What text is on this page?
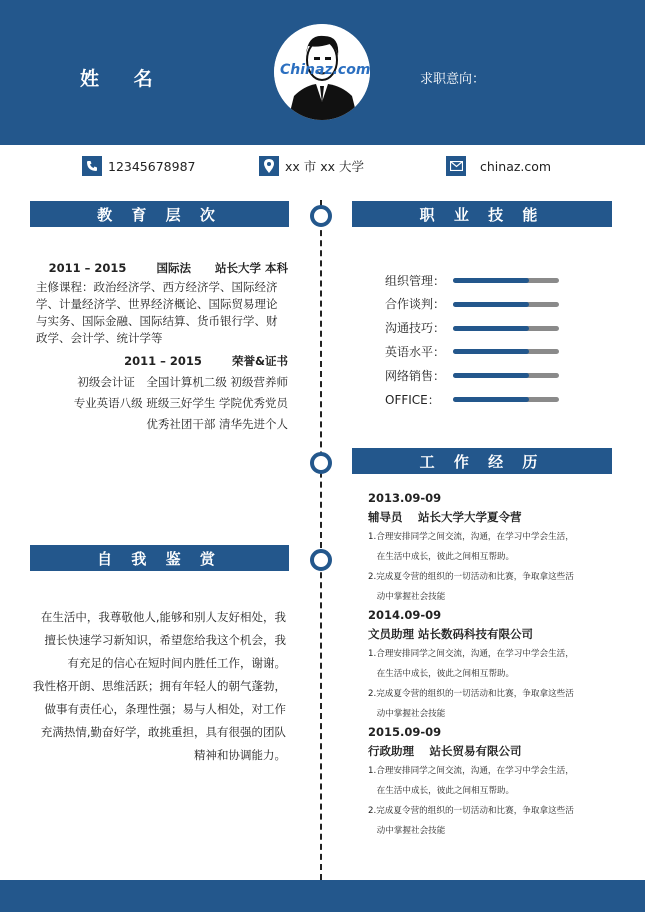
姓 名	求职意向：
Chinaz.com
12345678987	xx 市 xx 大学	chinaz.com
教 育 层 次	职 业 技 能
工 作 经 历
自 我 鉴 赏
2011 – 2015	国际法 站长大学 本科
主修课程：政治经济学、西方经济学、国际经济
学、计量经济学、世界经济概论、国际贸易理论
与实务、国际金融、国际结算、货币银行学、财
政学、会计学、统计学等
2011 – 2015	荣誉&证书
初级会计证　全国计算机二级 初级营养师
专业英语八级 班级三好学生 学院优秀党员
优秀社团干部 清华先进个人
组织管理：
合作谈判：
沟通技巧：
英语水平：
网络销售：
OFFICE：
在生活中，我尊敬他人,能够和别人友好相处，我
擅长快速学习新知识，希望您给我这个机会，我
有充足的信心在短时间内胜任工作，谢谢。
我性格开朗、思维活跃；拥有年轻人的朝气蓬勃，
做事有责任心，条理性强；易与人相处，对工作
充满热情,勤奋好学，敢挑重担，具有很强的团队
精神和协调能力。
2013.09-09
辅导员　 站长大学大学夏令营
1.合理安排同学之间交流，沟通，在学习中学会生活，
　在生活中成长，彼此之间相互帮助。
2.完成夏令营的组织的一切活动和比赛，争取拿这些活
　动中掌握社会技能
2014.09-09
文员助理 站长数码科技有限公司
1.合理安排同学之间交流，沟通，在学习中学会生活，
　在生活中成长，彼此之间相互帮助。
2.完成夏令营的组织的一切活动和比赛，争取拿这些活
　动中掌握社会技能
2015.09-09
行政助理　 站长贸易有限公司
1.合理安排同学之间交流，沟通，在学习中学会生活，
　在生活中成长，彼此之间相互帮助。
2.完成夏令营的组织的一切活动和比赛，争取拿这些活
　动中掌握社会技能
